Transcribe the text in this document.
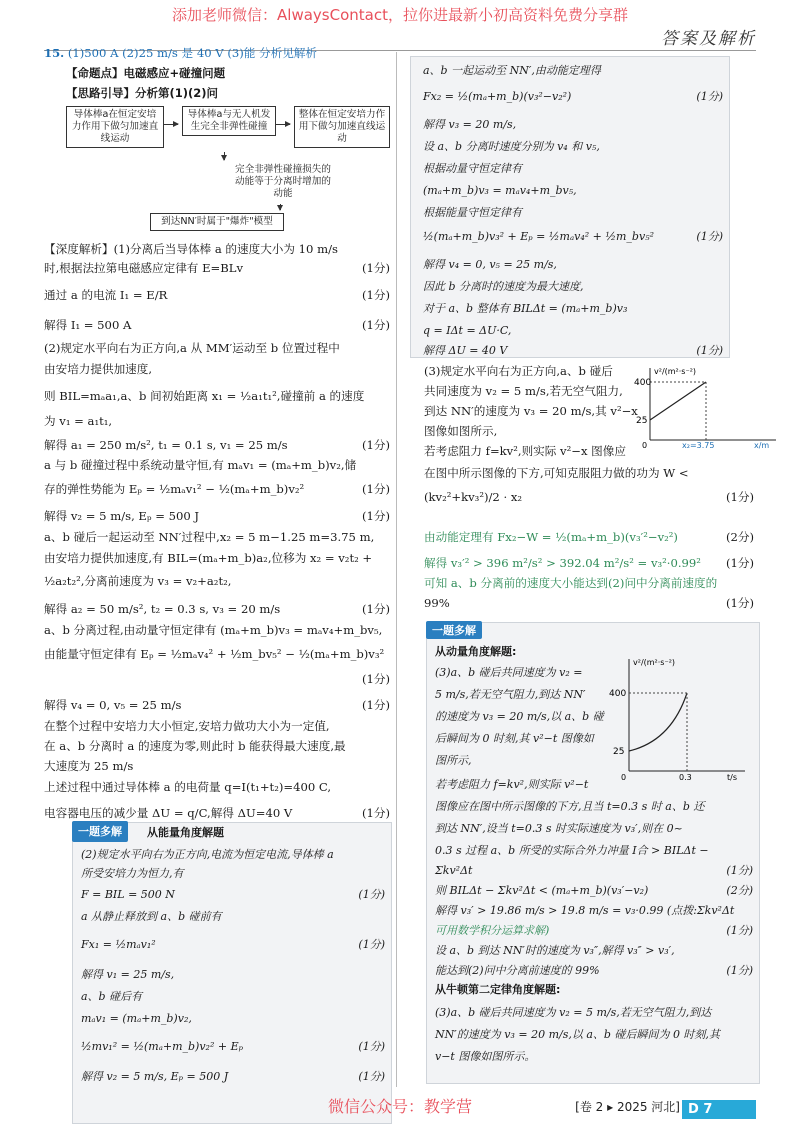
添加老师微信：AlwaysContact，拉你进最新小初高资料免费分享群
答案及解析
15. (1)500 A (2)25 m/s 是 40 V (3)能 分析见解析
【命题点】电磁感应+碰撞问题
【思路引导】分析第(1)(2)问
导体棒a在恒定安培力作用下做匀加速直线运动
导体棒a与无人机发生完全非弹性碰撞
整体在恒定安培力作用下做匀加速直线运动
完全非弹性碰撞损失的动能等于分离时增加的动能
到达NN′时属于"爆炸"模型
【深度解析】(1)分离后当导体棒 a 的速度大小为 10 m/s
时,根据法拉第电磁感应定律有 E=BLv	(1分)
通过 a 的电流 I₁ = E/R	(1分)
解得 I₁ = 500 A	(1分)
(2)规定水平向右为正方向,a 从 MM′运动至 b 位置过程中
由安培力提供加速度,
则 BIL=mₐa₁,a、b 间初始距离 x₁ = ½a₁t₁²,碰撞前 a 的速度
为 v₁ = a₁t₁,
解得 a₁ = 250 m/s², t₁ = 0.1 s, v₁ = 25 m/s	(1分)
a 与 b 碰撞过程中系统动量守恒,有 mₐv₁ = (mₐ+m_b)v₂,储
存的弹性势能为 Eₚ = ½mₐv₁² − ½(mₐ+m_b)v₂²	(1分)
解得 v₂ = 5 m/s, Eₚ = 500 J	(1分)
a、b 碰后一起运动至 NN′过程中,x₂ = 5 m−1.25 m=3.75 m,
由安培力提供加速度,有 BIL=(mₐ+m_b)a₂,位移为 x₂ = v₂t₂ +
½a₂t₂²,分离前速度为 v₃ = v₂+a₂t₂,
解得 a₂ = 50 m/s², t₂ = 0.3 s, v₃ = 20 m/s	(1分)
a、b 分离过程,由动量守恒定律有 (mₐ+m_b)v₃ = mₐv₄+m_bv₅,
由能量守恒定律有 Eₚ = ½mₐv₄² + ½m_bv₅² − ½(mₐ+m_b)v₃²
(1分)
解得 v₄ = 0, v₅ = 25 m/s	(1分)
在整个过程中安培力大小恒定,安培力做功大小为一定值,
在 a、b 分离时 a 的速度为零,则此时 b 能获得最大速度,最
大速度为 25 m/s
上述过程中通过导体棒 a 的电荷量 q=I(t₁+t₂)=400 C,
电容器电压的减少量 ΔU = q/C,解得 ΔU=40 V	(1分)
一题多解	从能量角度解题
(2)规定水平向右为正方向,电流为恒定电流,导体棒 a
所受安培力为恒力,有
F = BIL = 500 N	(1分)
a 从静止释放到 a、b 碰前有
Fx₁ = ½mₐv₁²	(1分)
解得 v₁ = 25 m/s,
a、b 碰后有
mₐv₁ = (mₐ+m_b)v₂,
½mv₁² = ½(mₐ+m_b)v₂² + Eₚ	(1分)
解得 v₂ = 5 m/s, Eₚ = 500 J	(1分)
a、b 一起运动至 NN′,由动能定理得
Fx₂ = ½(mₐ+m_b)(v₃²−v₂²)	(1分)
解得 v₃ = 20 m/s,
设 a、b 分离时速度分别为 v₄ 和 v₅,
根据动量守恒定律有
(mₐ+m_b)v₃ = mₐv₄+m_bv₅,
根据能量守恒定律有
½(mₐ+m_b)v₃² + Eₚ = ½mₐv₄² + ½m_bv₅²	(1分)
解得 v₄ = 0, v₅ = 25 m/s,
因此 b 分离时的速度为最大速度,
对于 a、b 整体有 BILΔt = (mₐ+m_b)v₃
q = IΔt = ΔU·C,
解得 ΔU = 40 V	(1分)
(3)规定水平向右为正方向,a、b 碰后
共同速度为 v₂ = 5 m/s,若无空气阻力,
到达 NN′的速度为 v₃ = 20 m/s,其 v²−x
图像如图所示,
若考虑阻力 f=kv²,则实际 v²−x 图像应
在图中所示图像的下方,可知克服阻力做的功为 W <
(kv₂²+kv₃²)/2 · x₂	(1分)
由动能定理有 Fx₂−W = ½(mₐ+m_b)(v₃′²−v₂²)	(2分)
解得 v₃′² > 396 m²/s² > 392.04 m²/s² = v₃²·0.99² (1分)
可知 a、b 分离前的速度大小能达到(2)问中分离前速度的
99%	(1分)
v²/(m²·s⁻²)
400
25
0	x₂=3.75	x/m
一题多解
从动量角度解题:
(3)a、b 碰后共同速度为 v₂ =
5 m/s,若无空气阻力,到达 NN′
的速度为 v₃ = 20 m/s,以 a、b 碰
后瞬间为 0 时刻,其 v²−t 图像如
图所示,
若考虑阻力 f=kv²,则实际 v²−t
图像应在图中所示图像的下方,且当 t=0.3 s 时 a、b 还
到达 NN′,设当 t=0.3 s 时实际速度为 v₃′,则在 0~
0.3 s 过程 a、b 所受的实际合外力冲量 I合 > BILΔt −
Σkv²Δt	(1分)
则 BILΔt − Σkv²Δt < (mₐ+m_b)(v₃′−v₂)	(2分)
解得 v₃′ > 19.86 m/s > 19.8 m/s = v₃·0.99 (点拨:Σkv²Δt
可用数学积分运算求解)	(1分)
设 a、b 到达 NN′时的速度为 v₃″,解得 v₃″ > v₃′,
能达到(2)问中分离前速度的 99%	(1分)
从牛顿第二定律角度解题:
(3)a、b 碰后共同速度为 v₂ = 5 m/s,若无空气阻力,到达
NN′的速度为 v₃ = 20 m/s,以 a、b 碰后瞬间为 0 时刻,其
v−t 图像如图所示。
v²/(m²·s⁻²)
400
25
0	0.3	t/s
微信公众号：教学营	[卷 2 ▸ 2025 河北] D 7
